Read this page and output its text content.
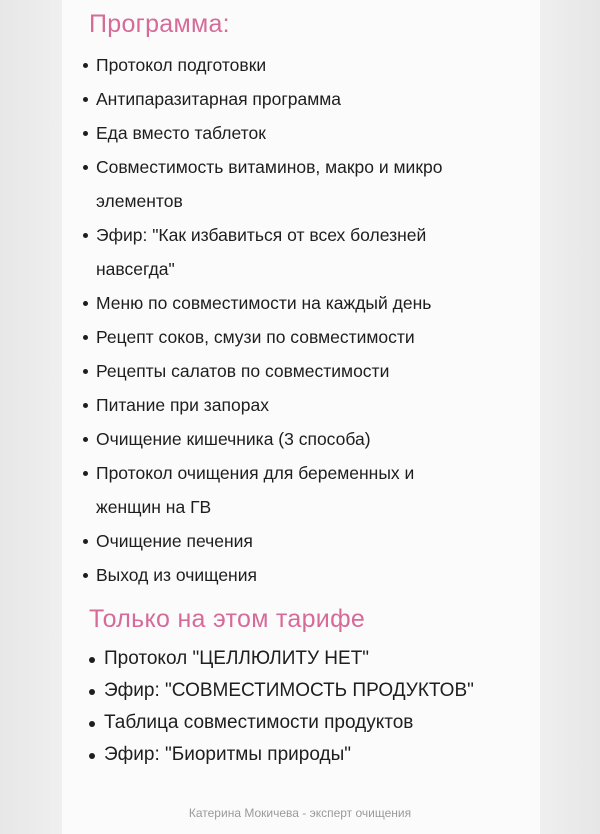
Программа:
Протокол подготовки
Антипаразитарная программа
Еда вместо таблеток
Совместимость витаминов, макро и микро
элементов
Эфир: "Как избавиться от всех болезней
навсегда"
Меню по совместимости на каждый день
Рецепт соков, смузи по совместимости
Рецепты салатов по совместимости
Питание при запорах
Очищение кишечника (3 способа)
Протокол очищения для беременных и
женщин на ГВ
Очищение печения
Выход из очищения
Только на этом тарифе
Протокол "ЦЕЛЛЮЛИТУ НЕТ"
Эфир: "СОВМЕСТИМОСТЬ ПРОДУКТОВ"
Таблица совместимости продуктов
Эфир: "Биоритмы природы"
Катерина Мокичева - эксперт очищения
